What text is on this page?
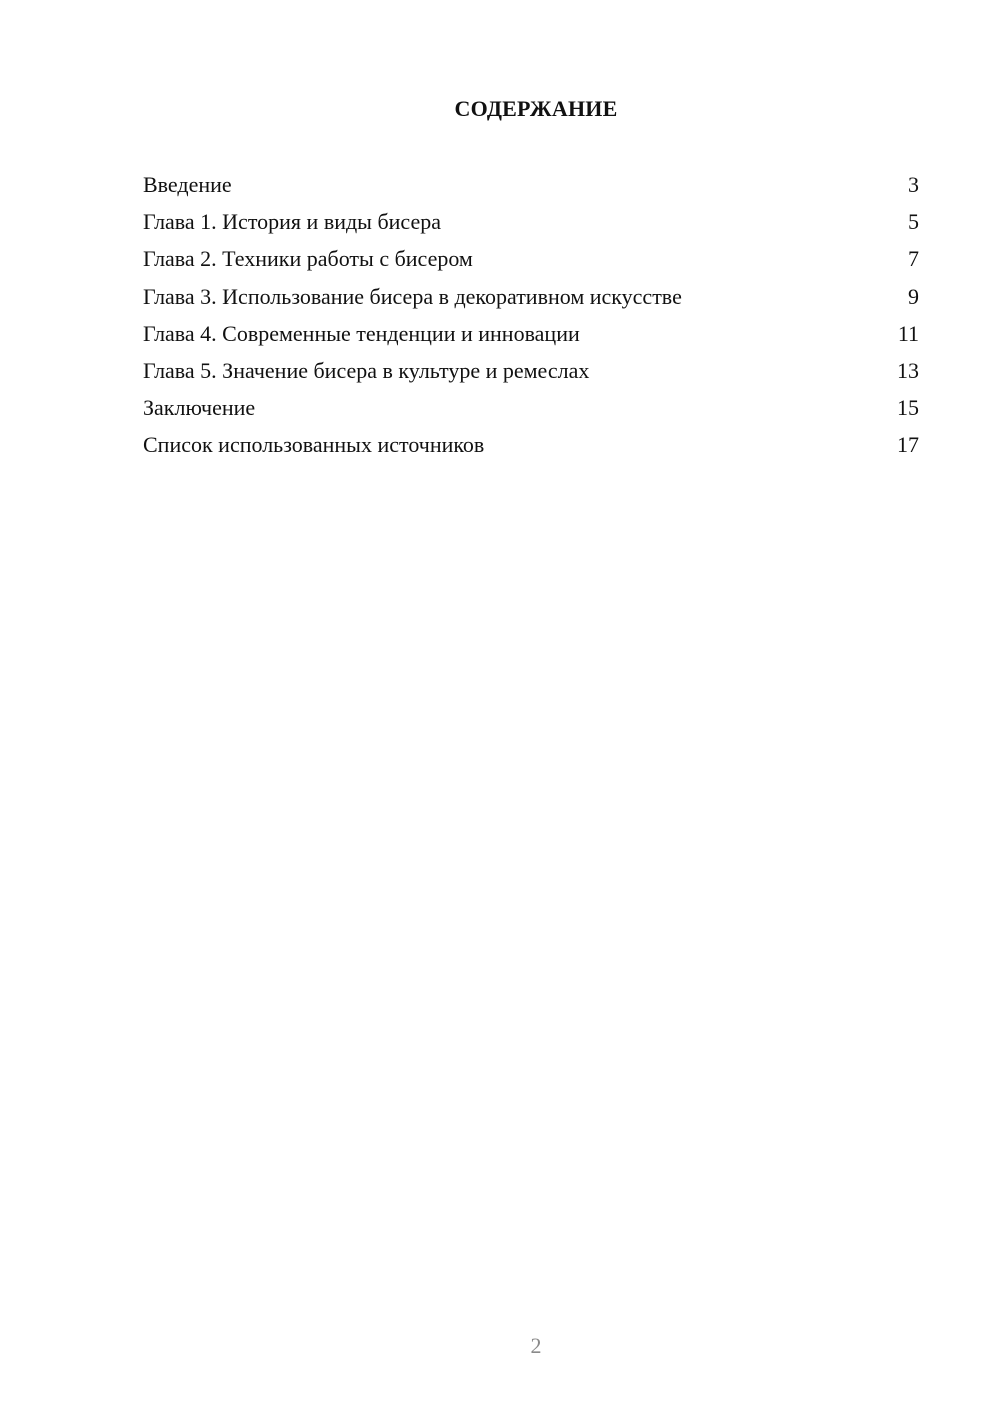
СОДЕРЖАНИЕ
Введение	3
Глава 1. История и виды бисера	5
Глава 2. Техники работы с бисером	7
Глава 3. Использование бисера в декоративном искусстве	9
Глава 4. Современные тенденции и инновации	11
Глава 5. Значение бисера в культуре и ремеслах	13
Заключение	15
Список использованных источников	17
2
